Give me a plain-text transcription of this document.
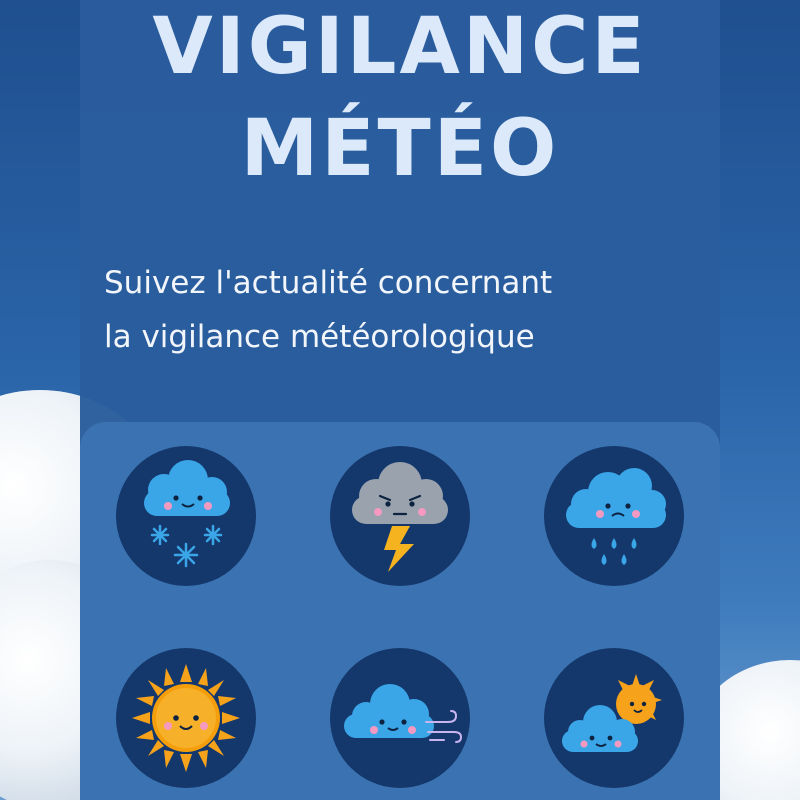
VIGILANCE
MÉTÉO

Suivez l'actualité concernant

la vigilance météorologique
